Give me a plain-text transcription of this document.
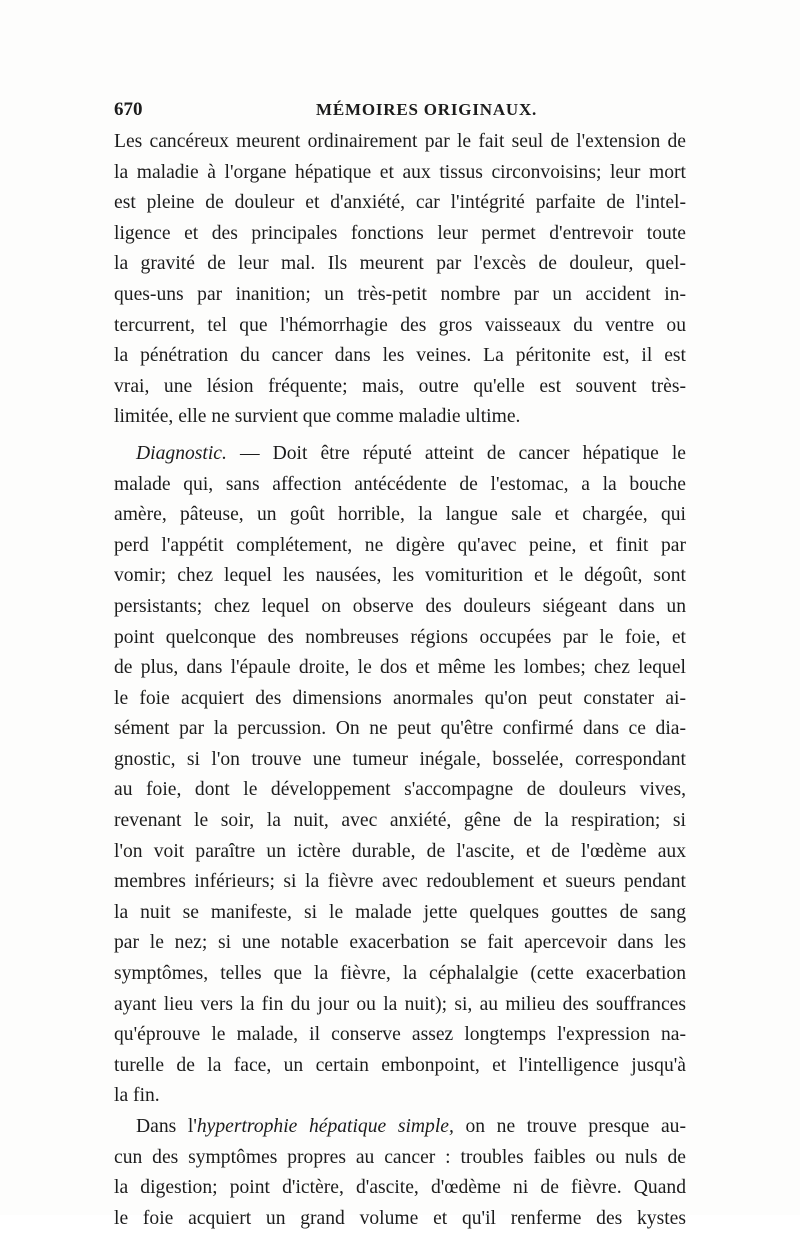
670	MÉMOIRES ORIGINAUX.
Les cancéreux meurent ordinairement par le fait seul de l'extension de
la maladie à l'organe hépatique et aux tissus circonvoisins; leur mort
est pleine de douleur et d'anxiété, car l'intégrité parfaite de l'intel-
ligence et des principales fonctions leur permet d'entrevoir toute
la gravité de leur mal. Ils meurent par l'excès de douleur, quel-
ques-uns par inanition; un très-petit nombre par un accident in-
tercurrent, tel que l'hémorrhagie des gros vaisseaux du ventre ou
la pénétration du cancer dans les veines. La péritonite est, il est
vrai, une lésion fréquente; mais, outre qu'elle est souvent très-
limitée, elle ne survient que comme maladie ultime.
Diagnostic. — Doit être réputé atteint de cancer hépatique le
malade qui, sans affection antécédente de l'estomac, a la bouche
amère, pâteuse, un goût horrible, la langue sale et chargée, qui
perd l'appétit complétement, ne digère qu'avec peine, et finit par
vomir; chez lequel les nausées, les vomiturition et le dégoût, sont
persistants; chez lequel on observe des douleurs siégeant dans un
point quelconque des nombreuses régions occupées par le foie, et
de plus, dans l'épaule droite, le dos et même les lombes; chez lequel
le foie acquiert des dimensions anormales qu'on peut constater ai-
sément par la percussion. On ne peut qu'être confirmé dans ce dia-
gnostic, si l'on trouve une tumeur inégale, bosselée, correspondant
au foie, dont le développement s'accompagne de douleurs vives,
revenant le soir, la nuit, avec anxiété, gêne de la respiration; si
l'on voit paraître un ictère durable, de l'ascite, et de l'œdème aux
membres inférieurs; si la fièvre avec redoublement et sueurs pendant
la nuit se manifeste, si le malade jette quelques gouttes de sang
par le nez; si une notable exacerbation se fait apercevoir dans les
symptômes, telles que la fièvre, la céphalalgie (cette exacerbation
ayant lieu vers la fin du jour ou la nuit); si, au milieu des souffrances
qu'éprouve le malade, il conserve assez longtemps l'expression na-
turelle de la face, un certain embonpoint, et l'intelligence jusqu'à
la fin.
Dans l'hypertrophie hépatique simple, on ne trouve presque au-
cun des symptômes propres au cancer : troubles faibles ou nuls de
la digestion; point d'ictère, d'ascite, d'œdème ni de fièvre. Quand
le foie acquiert un grand volume et qu'il renferme des kystes
